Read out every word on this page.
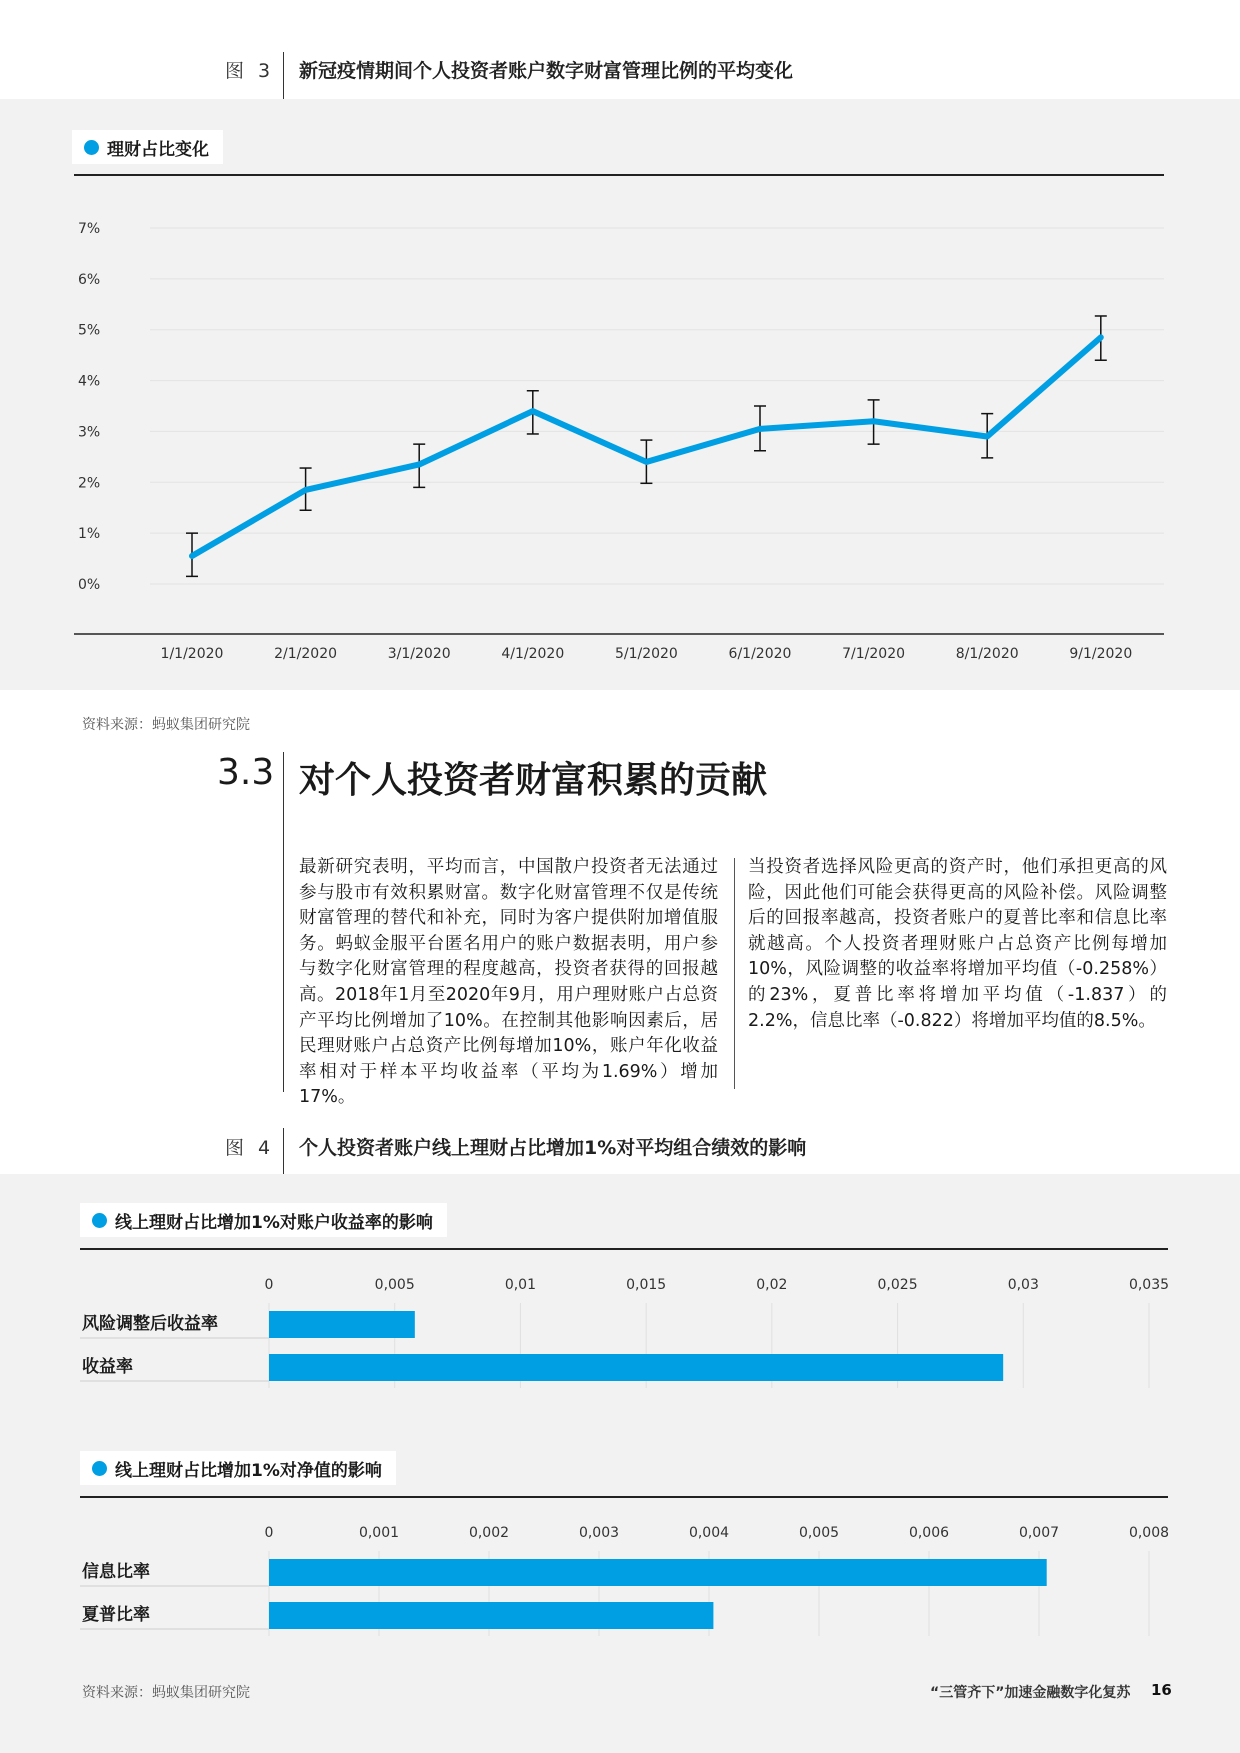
图 3 新冠疫情期间个人投资者账户数字财富管理比例的平均变化
理财占比变化
0%
1%
2%
3%
4%
5%
6%
7%
1/1/2020	2/1/2020	3/1/2020	4/1/2020	5/1/2020	6/1/2020	7/1/2020	8/1/2020	9/1/2020
资料来源：蚂蚁集团研究院
3.3 对个人投资者财富积累的贡献
最新研究表明，平均而言，中国散户投资者无法通过参与股市有效积累财富。数字化财富管理不仅是传统财富管理的替代和补充，同时为客户提供附加增值服务。蚂蚁金服平台匿名用户的账户数据表明，用户参与数字化财富管理的程度越高，投资者获得的回报越高。2018年1月至2020年9月，用户理财账户占总资产平均比例增加了10%。在控制其他影响因素后，居民理财账户占总资产比例每增加10%，账户年化收益率相对于样本平均收益率（平均为1.69%）增加17%。
当投资者选择风险更高的资产时，他们承担更高的风险，因此他们可能会获得更高的风险补偿。风险调整后的回报率越高，投资者账户的夏普比率和信息比率就越高。个人投资者理财账户占总资产比例每增加10%，风险调整的收益率将增加平均值（-0.258%）的23%，夏普比率将增加平均值（-1.837）的2.2%，信息比率（-0.822）将增加平均值的8.5%。
图 4 个人投资者账户线上理财占比增加1%对平均组合绩效的影响
线上理财占比增加1%对账户收益率的影响
线上理财占比增加1%对净值的影响
0	0,005	0,01	0,015	0,02	0,025	0,03	0,035
风险调整后收益率
收益率
0	0,001	0,002	0,003	0,004	0,005	0,006	0,007	0,008
信息比率
夏普比率
资料来源：蚂蚁集团研究院	“三管齐下”加速金融数字化复苏 16
